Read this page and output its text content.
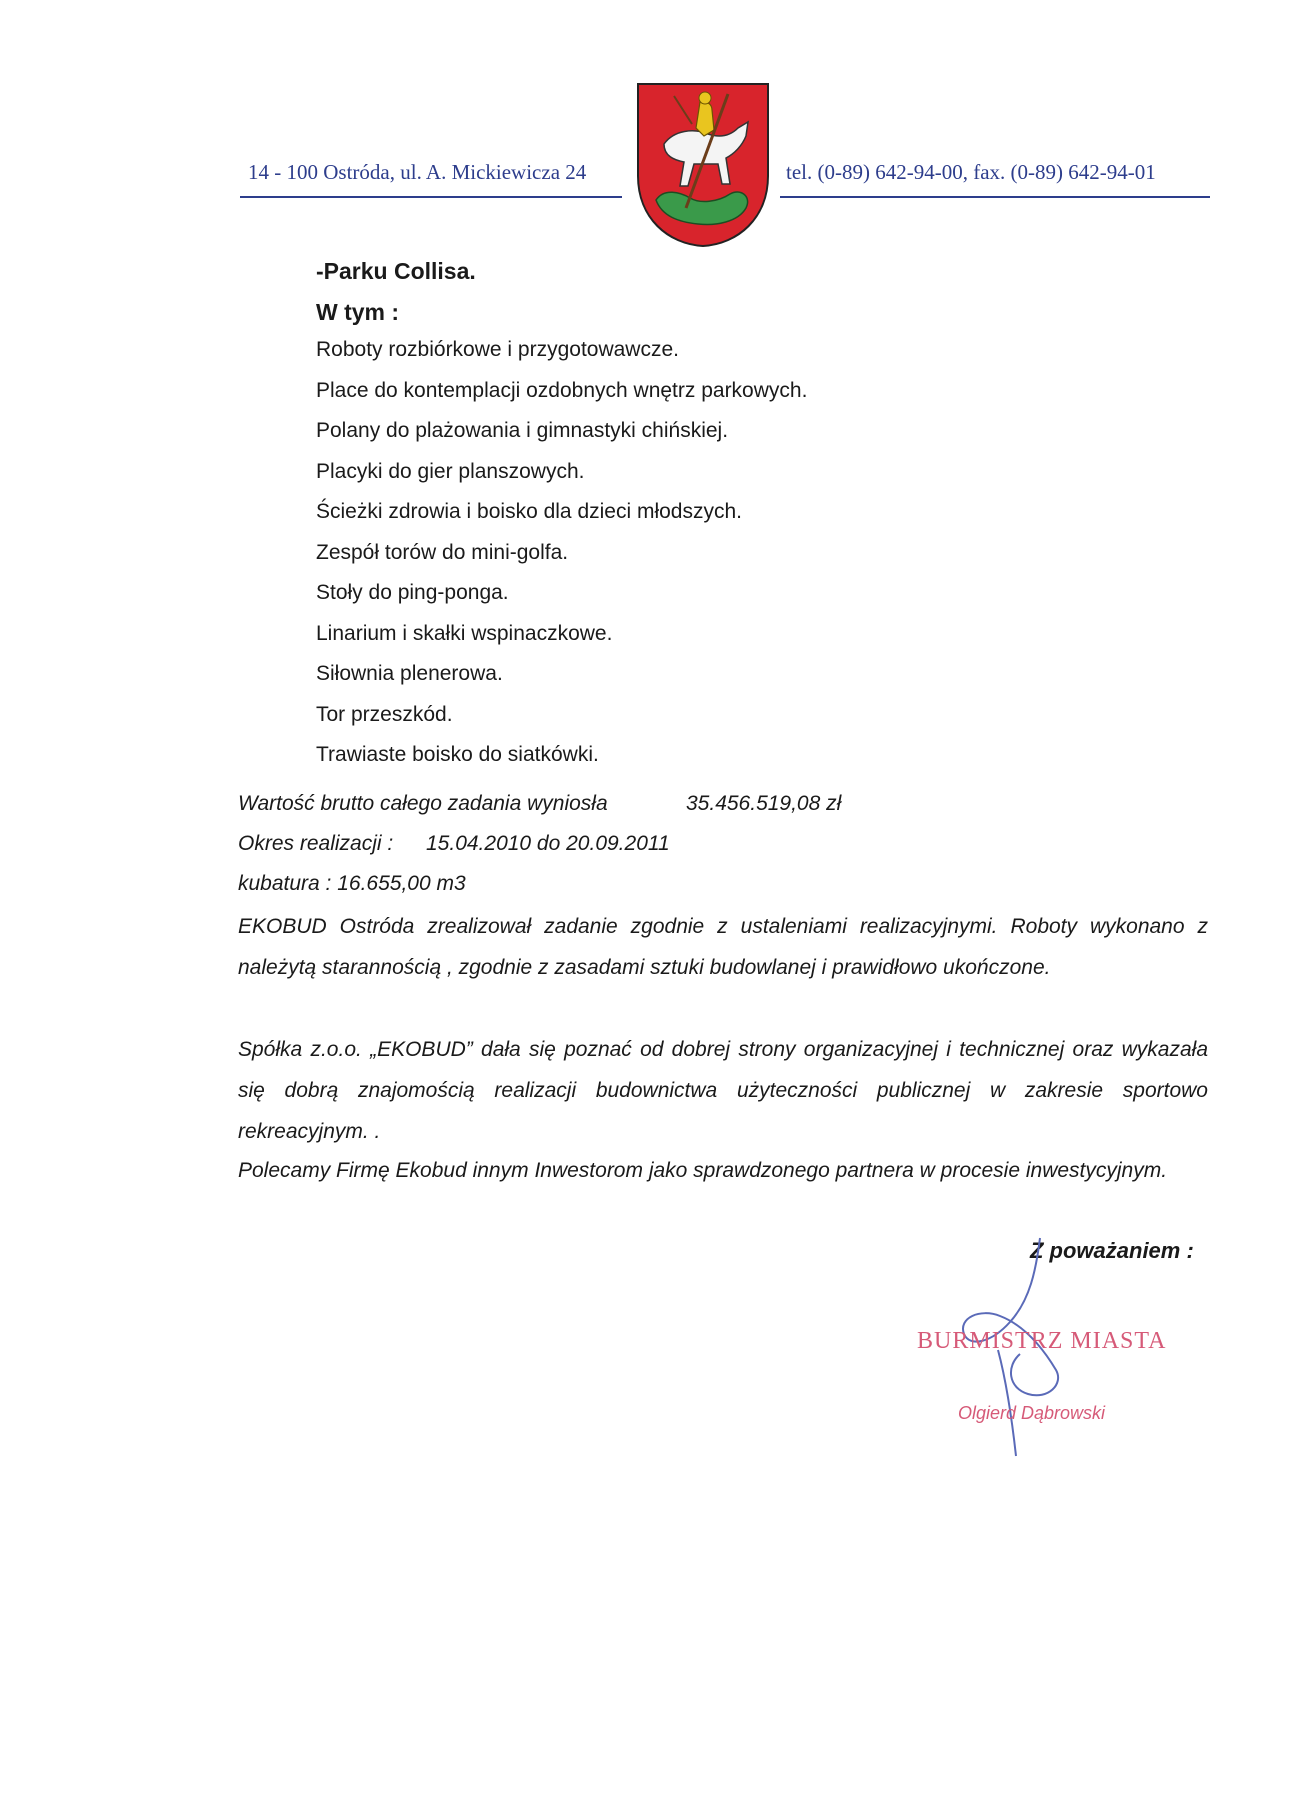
14 - 100 Ostróda, ul. A. Mickiewicza 24	tel. (0-89) 642-94-00, fax. (0-89) 642-94-01
-Parku Collisa.
W tym :
Roboty rozbiórkowe i przygotowawcze.
Place do kontemplacji ozdobnych wnętrz parkowych.
Polany do plażowania i gimnastyki chińskiej.
Placyki do gier planszowych.
Ścieżki zdrowia i boisko dla dzieci młodszych.
Zespół torów do mini-golfa.
Stoły do ping-ponga.
Linarium i skałki wspinaczkowe.
Siłownia plenerowa.
Tor przeszkód.
Trawiaste boisko do siatkówki.
Wartość brutto całego zadania wyniosła	35.456.519,08 zł
Okres realizacji : 15.04.2010 do 20.09.2011
kubatura : 16.655,00 m3
EKOBUD Ostróda zrealizował zadanie zgodnie z ustaleniami realizacyjnymi. Roboty wykonano z należytą starannością , zgodnie z zasadami sztuki budowlanej i prawidłowo ukończone.
Spółka z.o.o. „EKOBUD” dała się poznać od dobrej strony organizacyjnej i technicznej oraz wykazała się dobrą znajomością realizacji budownictwa użyteczności publicznej w zakresie sportowo rekreacyjnym. .
Polecamy Firmę Ekobud innym Inwestorom jako sprawdzonego partnera w procesie inwestycyjnym.
Z poważaniem :
BURMISTRZ MIASTA
Olgierd Dąbrowski
